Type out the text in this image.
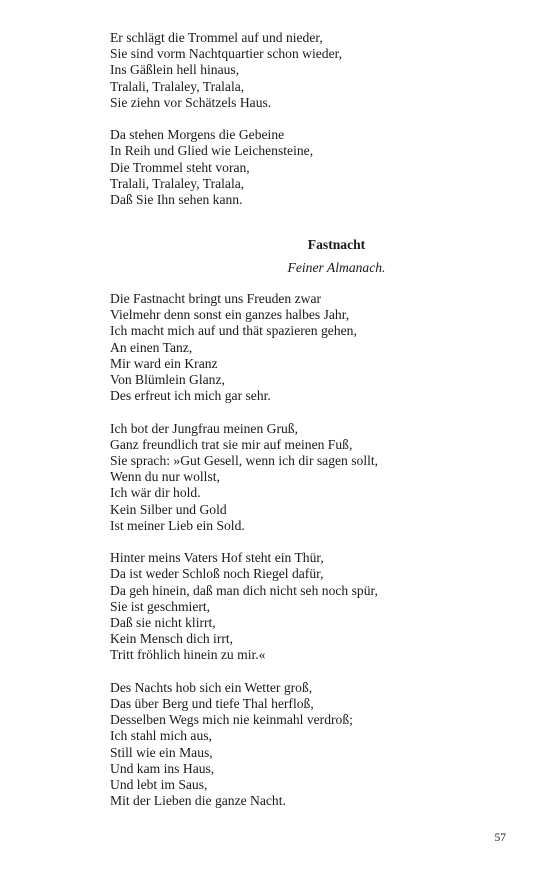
Er schlägt die Trommel auf und nieder,
Sie sind vorm Nachtquartier schon wieder,
Ins Gäßlein hell hinaus,
Tralali, Tralaley, Tralala,
Sie ziehn vor Schätzels Haus.
Da stehen Morgens die Gebeine
In Reih und Glied wie Leichensteine,
Die Trommel steht voran,
Tralali, Tralaley, Tralala,
Daß Sie Ihn sehen kann.
Fastnacht
Feiner Almanach.
Die Fastnacht bringt uns Freuden zwar
Vielmehr denn sonst ein ganzes halbes Jahr,
Ich macht mich auf und thät spazieren gehen,
An einen Tanz,
Mir ward ein Kranz
Von Blümlein Glanz,
Des erfreut ich mich gar sehr.
Ich bot der Jungfrau meinen Gruß,
Ganz freundlich trat sie mir auf meinen Fuß,
Sie sprach: »Gut Gesell, wenn ich dir sagen sollt,
Wenn du nur wollst,
Ich wär dir hold.
Kein Silber und Gold
Ist meiner Lieb ein Sold.
Hinter meins Vaters Hof steht ein Thür,
Da ist weder Schloß noch Riegel dafür,
Da geh hinein, daß man dich nicht seh noch spür,
Sie ist geschmiert,
Daß sie nicht klirrt,
Kein Mensch dich irrt,
Tritt fröhlich hinein zu mir.«
Des Nachts hob sich ein Wetter groß,
Das über Berg und tiefe Thal herfloß,
Desselben Wegs mich nie keinmahl verdroß;
Ich stahl mich aus,
Still wie ein Maus,
Und kam ins Haus,
Und lebt im Saus,
Mit der Lieben die ganze Nacht.
57
